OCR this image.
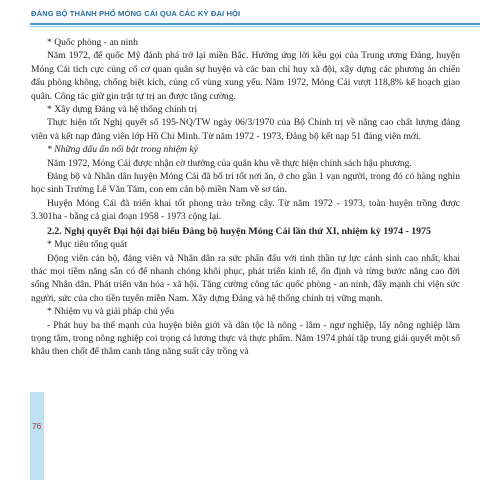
ĐẢNG BỘ THÀNH PHỐ MÓNG CÁI QUA CÁC KỲ ĐẠI HỘI

* Quốc phòng - an ninh

Năm 1972, đế quốc Mỹ đánh phá trở lại miền Bắc. Hưởng ứng lời kêu gọi của Trung ương Đảng, huyện Móng Cái tích cực củng cố cơ quan quân sự huyện và các ban chỉ huy xã đội, xây dựng các phương án chiến đấu phòng không, chống biệt kích, củng cố vùng xung yếu. Năm 1972, Móng Cái vượt 118,8% kế hoạch giao quân. Công tác giữ gìn trật tự trị an được tăng cường.

* Xây dựng Đảng và hệ thống chính trị

Thực hiện tốt Nghị quyết số 195-NQ/TW ngày 06/3/1970 của Bộ Chính trị về nâng cao chất lượng đảng viên và kết nạp đảng viên lớp Hồ Chí Minh. Từ năm 1972 - 1973, Đảng bộ kết nạp 51 đảng viên mới.

* Những dấu ấn nổi bật trong nhiệm kỳ

Năm 1972, Móng Cái được nhận cờ thưởng của quân khu về thực hiện chính sách hậu phương.

Đảng bộ và Nhân dân huyện Móng Cái đã bố trí tốt nơi ăn, ở cho gần 1 vạn người, trong đó có hàng nghìn học sinh Trường Lê Văn Tám, con em cán bộ miền Nam về sơ tán.

Huyện Móng Cái đã triển khai tốt phong trào trồng cây. Từ năm 1972 - 1973, toàn huyện trồng được 3.301ha - bằng cả giai đoạn 1958 - 1973 cộng lại.

2.2. Nghị quyết Đại hội đại biểu Đảng bộ huyện Móng Cái lần thứ XI, nhiệm kỳ 1974 - 1975

* Mục tiêu tổng quát

Động viên cán bộ, đảng viên và Nhân dân ra sức phấn đấu với tinh thần tự lực cánh sinh cao nhất, khai thác mọi tiềm năng sẵn có để nhanh chóng khôi phục, phát triển kinh tế, ổn định và từng bước nâng cao đời sống Nhân dân. Phát triển văn hóa - xã hội. Tăng cường công tác quốc phòng - an ninh, đẩy mạnh chi viện sức người, sức của cho tiền tuyến miền Nam. Xây dựng Đảng và hệ thống chính trị vững mạnh.

* Nhiệm vụ và giải pháp chủ yếu

- Phát huy ba thế mạnh của huyện biên giới và dân tộc là nông - lâm - ngư nghiệp, lấy nông nghiệp làm trọng tâm, trong nông nghiệp coi trọng cả lương thực và thực phẩm. Năm 1974 phải tập trung giải quyết một số khâu then chốt để thâm canh tăng năng suất cây trồng và

76
